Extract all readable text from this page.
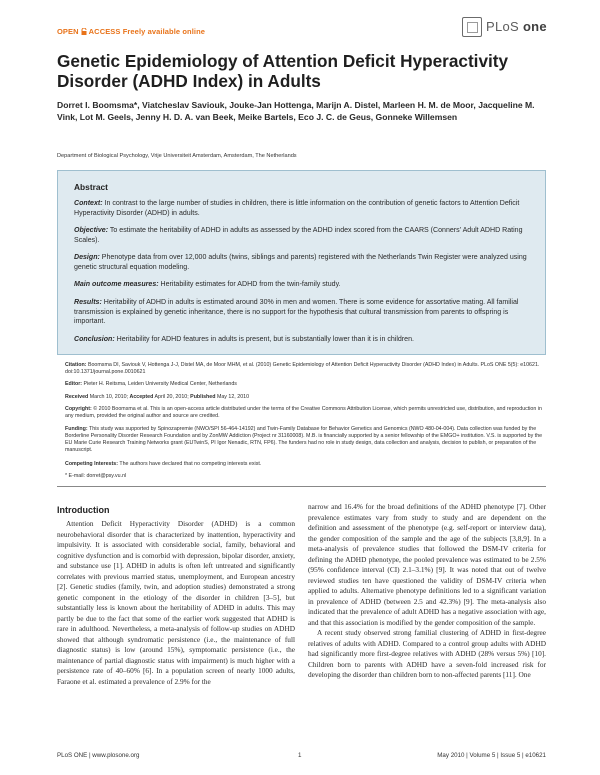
OPEN ACCESS Freely available online	PLoS one
Genetic Epidemiology of Attention Deficit Hyperactivity Disorder (ADHD Index) in Adults
Dorret I. Boomsma*, Viatcheslav Saviouk, Jouke-Jan Hottenga, Marijn A. Distel, Marleen H. M. de Moor, Jacqueline M. Vink, Lot M. Geels, Jenny H. D. A. van Beek, Meike Bartels, Eco J. C. de Geus, Gonneke Willemsen
Department of Biological Psychology, Vrije Universiteit Amsterdam, Amsterdam, The Netherlands
Abstract
Context: In contrast to the large number of studies in children, there is little information on the contribution of genetic factors to Attention Deficit Hyperactivity Disorder (ADHD) in adults.
Objective: To estimate the heritability of ADHD in adults as assessed by the ADHD index scored from the CAARS (Conners' Adult ADHD Rating Scales).
Design: Phenotype data from over 12,000 adults (twins, siblings and parents) registered with the Netherlands Twin Register were analyzed using genetic structural equation modeling.
Main outcome measures: Heritability estimates for ADHD from the twin-family study.
Results: Heritability of ADHD in adults is estimated around 30% in men and women. There is some evidence for assortative mating. All familial transmission is explained by genetic inheritance, there is no support for the hypothesis that cultural transmission from parents to offspring is important.
Conclusion: Heritability for ADHD features in adults is present, but is substantially lower than it is in children.
Citation: Boomsma DI, Saviouk V, Hottenga J-J, Distel MA, de Moor MHM, et al. (2010) Genetic Epidemiology of Attention Deficit Hyperactivity Disorder (ADHD Index) in Adults. PLoS ONE 5(5): e10621. doi:10.1371/journal.pone.0010621
Editor: Pieter H. Reitsma, Leiden University Medical Center, Netherlands
Received March 10, 2010; Accepted April 20, 2010; Published May 12, 2010
Copyright: © 2010 Boomsma et al. This is an open-access article distributed under the terms of the Creative Commons Attribution License, which permits unrestricted use, distribution, and reproduction in any medium, provided the original author and source are credited.
Funding: This study was supported by Spinozapremie (NWO/SPI 56-464-14192) and Twin-Family Database for Behavior Genetics and Genomics (NWO 480-04-004). Data collection was funded by the Borderline Personality Disorder Research Foundation and by ZonMW Addiction (Project nr 31160008). M.B. is financially supported by a senior fellowship of the EMGO+ institution. V.S. is supported by the EU Marie Curie Research Training Networks grant (EUTwinS, PI Igor Nenadic, RTN, FP6). The funders had no role in study design, data collection and analysis, decision to publish, or preparation of the manuscript.
Competing Interests: The authors have declared that no competing interests exist.
* E-mail: dorret@psy.vu.nl
Introduction

Attention Deficit Hyperactivity Disorder (ADHD) is a common neurobehavioral disorder that is characterized by inattention, hyperactivity and impulsivity. It is associated with considerable social, family, behavioral and cognitive dysfunction and is comorbid with depression, bipolar disorder, anxiety, and substance use [1]. ADHD in adults is often left untreated and significantly correlates with previous married status, unemployment, and European ancestry [2]. Genetic studies (family, twin, and adoption studies) demonstrated a strong genetic component in the etiology of the disorder in children [3–5], but substantially less is known about the heritability of ADHD in adults. This may partly be due to the fact that some of the earlier work suggested that ADHD is rare in adulthood. Nevertheless, a meta-analysis of follow-up studies on ADHD showed that although syndromatic persistence (i.e., the maintenance of full diagnostic status) is low (around 15%), symptomatic persistence (i.e., the maintenance of partial diagnostic status with impairment) is much higher with a persistence rate of 40–60% [6]. In a population screen of nearly 1000 adults, Faraone et al. estimated a prevalence of 2.9% for the

narrow and 16.4% for the broad definitions of the ADHD phenotype [7]. Other prevalence estimates vary from study to study and are dependent on the definition and assessment of the phenotype (e.g. self-report or interview data), the gender composition of the sample and the age of the subjects [3,8,9]. In a meta-analysis of prevalence studies that followed the DSM-IV criteria for defining the ADHD phenotype, the pooled prevalence was estimated to be 2.5% (95% confidence interval (CI) 2.1–3.1%) [9]. It was noted that out of twelve reviewed studies ten have questioned the validity of DSM-IV criteria when applied to adults. Alternative phenotype definitions led to a significant variation in prevalence of ADHD (between 2.5 and 42.3%) [9]. The meta-analysis also indicated that the prevalence of adult ADHD has a negative association with age, and that this association is modified by the gender composition of the sample.

A recent study observed strong familial clustering of ADHD in first-degree relatives of adults with ADHD. Compared to a control group adults with ADHD had significantly more first-degree relatives with ADHD (28% versus 5%) [10]. Children born to parents with ADHD have a seven-fold increased risk for developing the disorder than children born to non-affected parents [11]. One

PLoS ONE | www.plosone.org	1	May 2010 | Volume 5 | Issue 5 | e10621
